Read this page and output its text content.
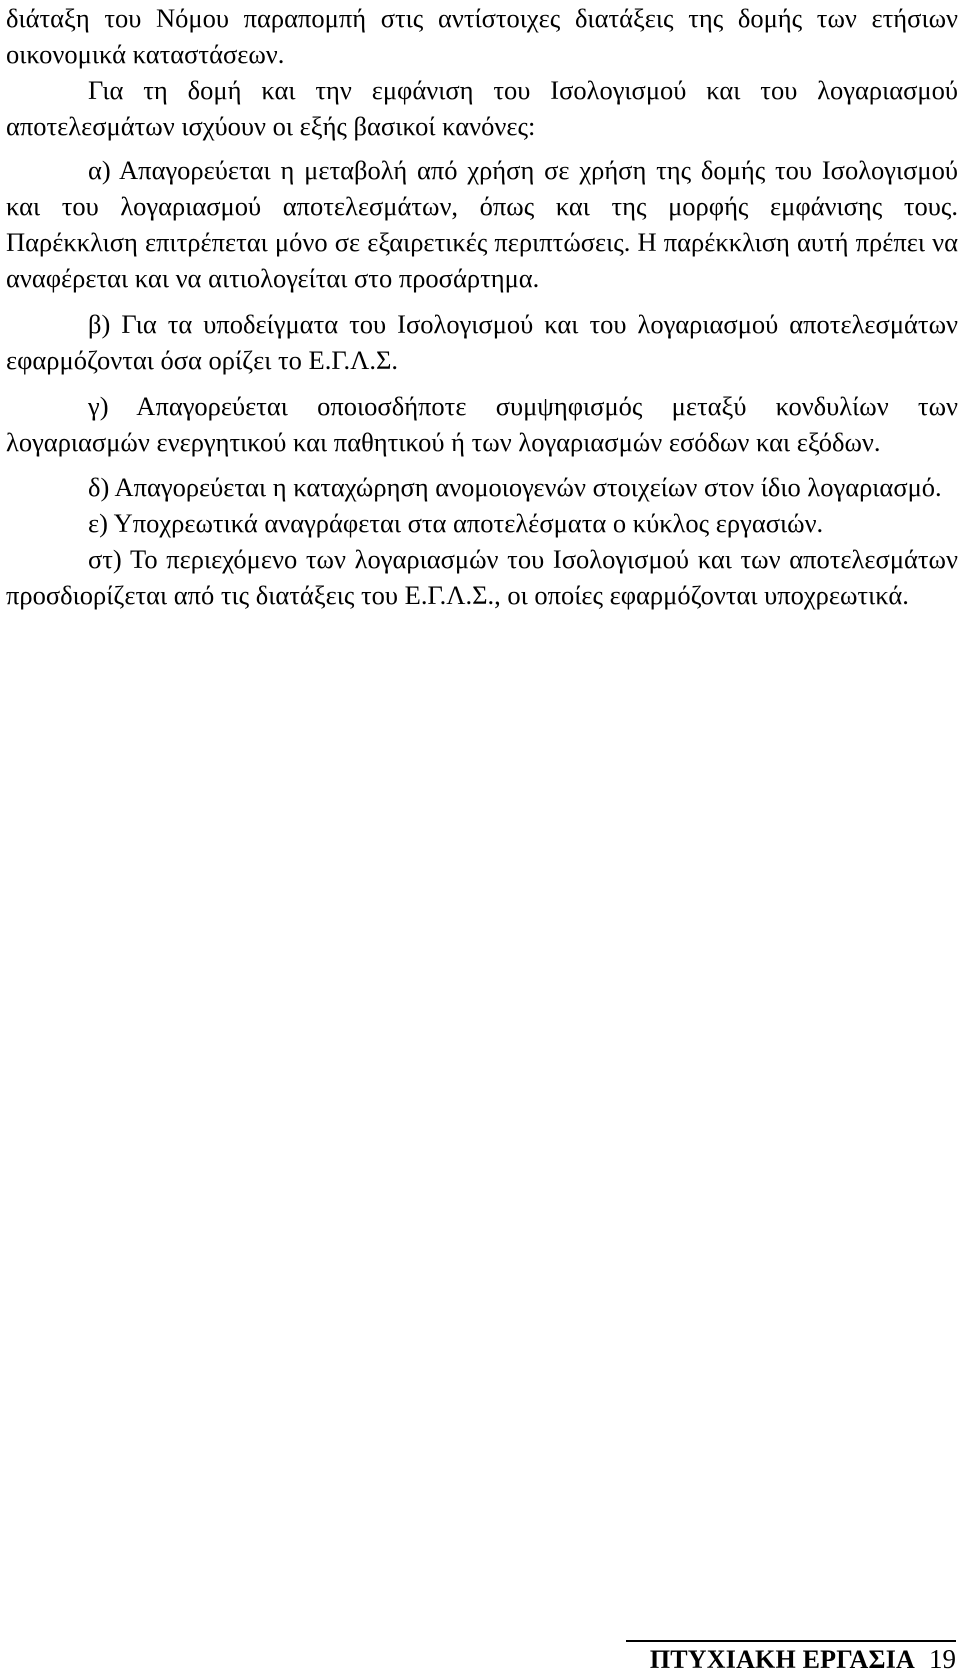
διάταξη του Νόμου παραπομπή στις αντίστοιχες διατάξεις της δομής των ετήσιων οικονομικά καταστάσεων.

Για τη δομή και την εμφάνιση του Ισολογισμού και του λογαριασμού αποτελεσμάτων ισχύουν οι εξής βασικοί κανόνες:

α) Απαγορεύεται η μεταβολή από χρήση σε χρήση της δομής του Ισολογισμού και του λογαριασμού αποτελεσμάτων, όπως και της μορφής εμφάνισης τους. Παρέκκλιση επιτρέπεται μόνο σε εξαιρετικές περιπτώσεις. Η παρέκκλιση αυτή πρέπει να αναφέρεται και να αιτιολογείται στο προσάρτημα.

β) Για τα υποδείγματα του Ισολογισμού και του λογαριασμού αποτελεσμάτων εφαρμόζονται όσα ορίζει το Ε.Γ.Λ.Σ.

γ) Απαγορεύεται οποιοσδήποτε συμψηφισμός μεταξύ κονδυλίων των λογαριασμών ενεργητικού και παθητικού ή των λογαριασμών εσόδων και εξόδων.

δ) Απαγορεύεται η καταχώρηση ανομοιογενών στοιχείων στον ίδιο λογαριασμό.

ε) Υποχρεωτικά αναγράφεται στα αποτελέσματα ο κύκλος εργασιών.

στ) Το περιεχόμενο των λογαριασμών του Ισολογισμού και των αποτελεσμάτων προσδιορίζεται από τις διατάξεις του Ε.Γ.Λ.Σ., οι οποίες εφαρμόζονται υποχρεωτικά.

ΠΤΥΧΙΑΚΗ ΕΡΓΑΣΙΑ 19
